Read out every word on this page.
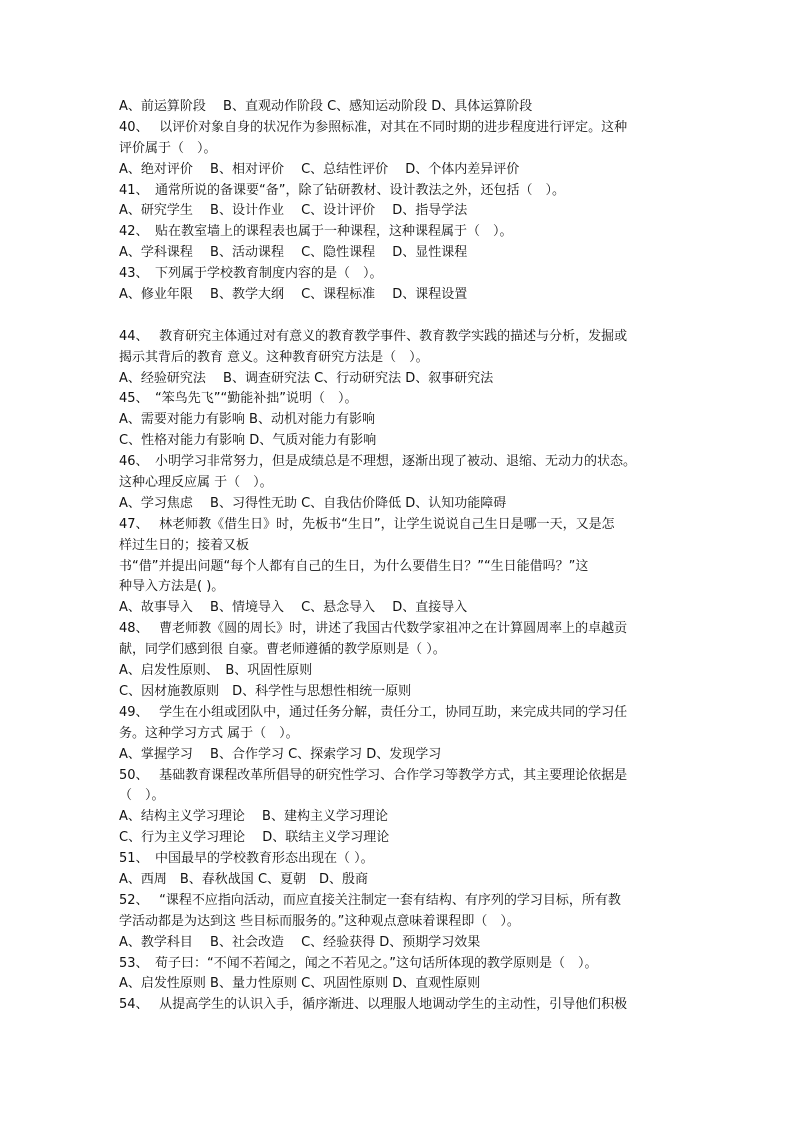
A、前运算阶段　 B、直观动作阶段 C、感知运动阶段 D、具体运算阶段
40、　 以评价对象自身的状况作为参照标准，对其在不同时期的进步程度进行评定。这种
评价属于（　）。
A、绝对评价　 B、相对评价　 C、总结性评价　 D、个体内差异评价
41、　通常所说的备课要“备”，除了钻研教材、设计教法之外，还包括（　）。
A、研究学生　 B、设计作业　 C、设计评价　 D、指导学法
42、　贴在教室墙上的课程表也属于一种课程，这种课程属于（　）。
A、学科课程　 B、活动课程　 C、隐性课程　 D、显性课程
43、　下列属于学校教育制度内容的是（　）。
A、修业年限　 B、教学大纲　 C、课程标准　 D、课程设置
44、　 教育研究主体通过对有意义的教育教学事件、教育教学实践的描述与分析，发掘或
揭示其背后的教育 意义。这种教育研究方法是（　）。
A、经验研究法　 B、调查研究法 C、行动研究法 D、叙事研究法
45、　“笨鸟先飞”“勤能补拙”说明（　）。
A、需要对能力有影响 B、动机对能力有影响
C、性格对能力有影响 D、气质对能力有影响
46、　小明学习非常努力，但是成绩总是不理想，逐渐出现了被动、退缩、无动力的状态。
这种心理反应属 于（　）。
A、学习焦虑　 B、习得性无助 C、自我估价降低 D、认知功能障碍
47、　 林老师教《借生日》时，先板书“生日”，让学生说说自己生日是哪一天，又是怎
样过生日的；接着又板
书“借”并提出问题“每个人都有自己的生日，为什么要借生日？”“生日能借吗？”这
种导入方法是( )。
A、故事导入　 B、情境导入　 C、悬念导入　 D、直接导入
48、　 曹老师教《圆的周长》时，讲述了我国古代数学家祖冲之在计算圆周率上的卓越贡
献，同学们感到很 自豪。曹老师遵循的教学原则是（ ）。
A、启发性原则、　B、巩固性原则
C、因材施教原则　D、科学性与思想性相统一原则
49、　 学生在小组或团队中，通过任务分解，责任分工，协同互助，来完成共同的学习任
务。这种学习方式 属于（　）。
A、掌握学习　 B、合作学习 C、探索学习 D、发现学习
50、　 基础教育课程改革所倡导的研究性学习、合作学习等教学方式，其主要理论依据是
（　）。
A、结构主义学习理论　 B、建构主义学习理论
C、行为主义学习理论　 D、联结主义学习理论
51、　中国最早的学校教育形态出现在（ ）。
A、西周　B、春秋战国 C、夏朝　D、殷商
52、　 “课程不应指向活动，而应直接关注制定一套有结构、有序列的学习目标，所有教
学活动都是为达到这 些目标而服务的。”这种观点意味着课程即（　）。
A、教学科目　 B、社会改造　 C、经验获得 D、预期学习效果
53、　荀子曰：“不闻不若闻之，闻之不若见之。”这句话所体现的教学原则是（　）。
A、启发性原则 B、量力性原则 C、巩固性原则 D、直观性原则
54、　 从提高学生的认识入手，循序渐进、以理服人地调动学生的主动性，引导他们积极
